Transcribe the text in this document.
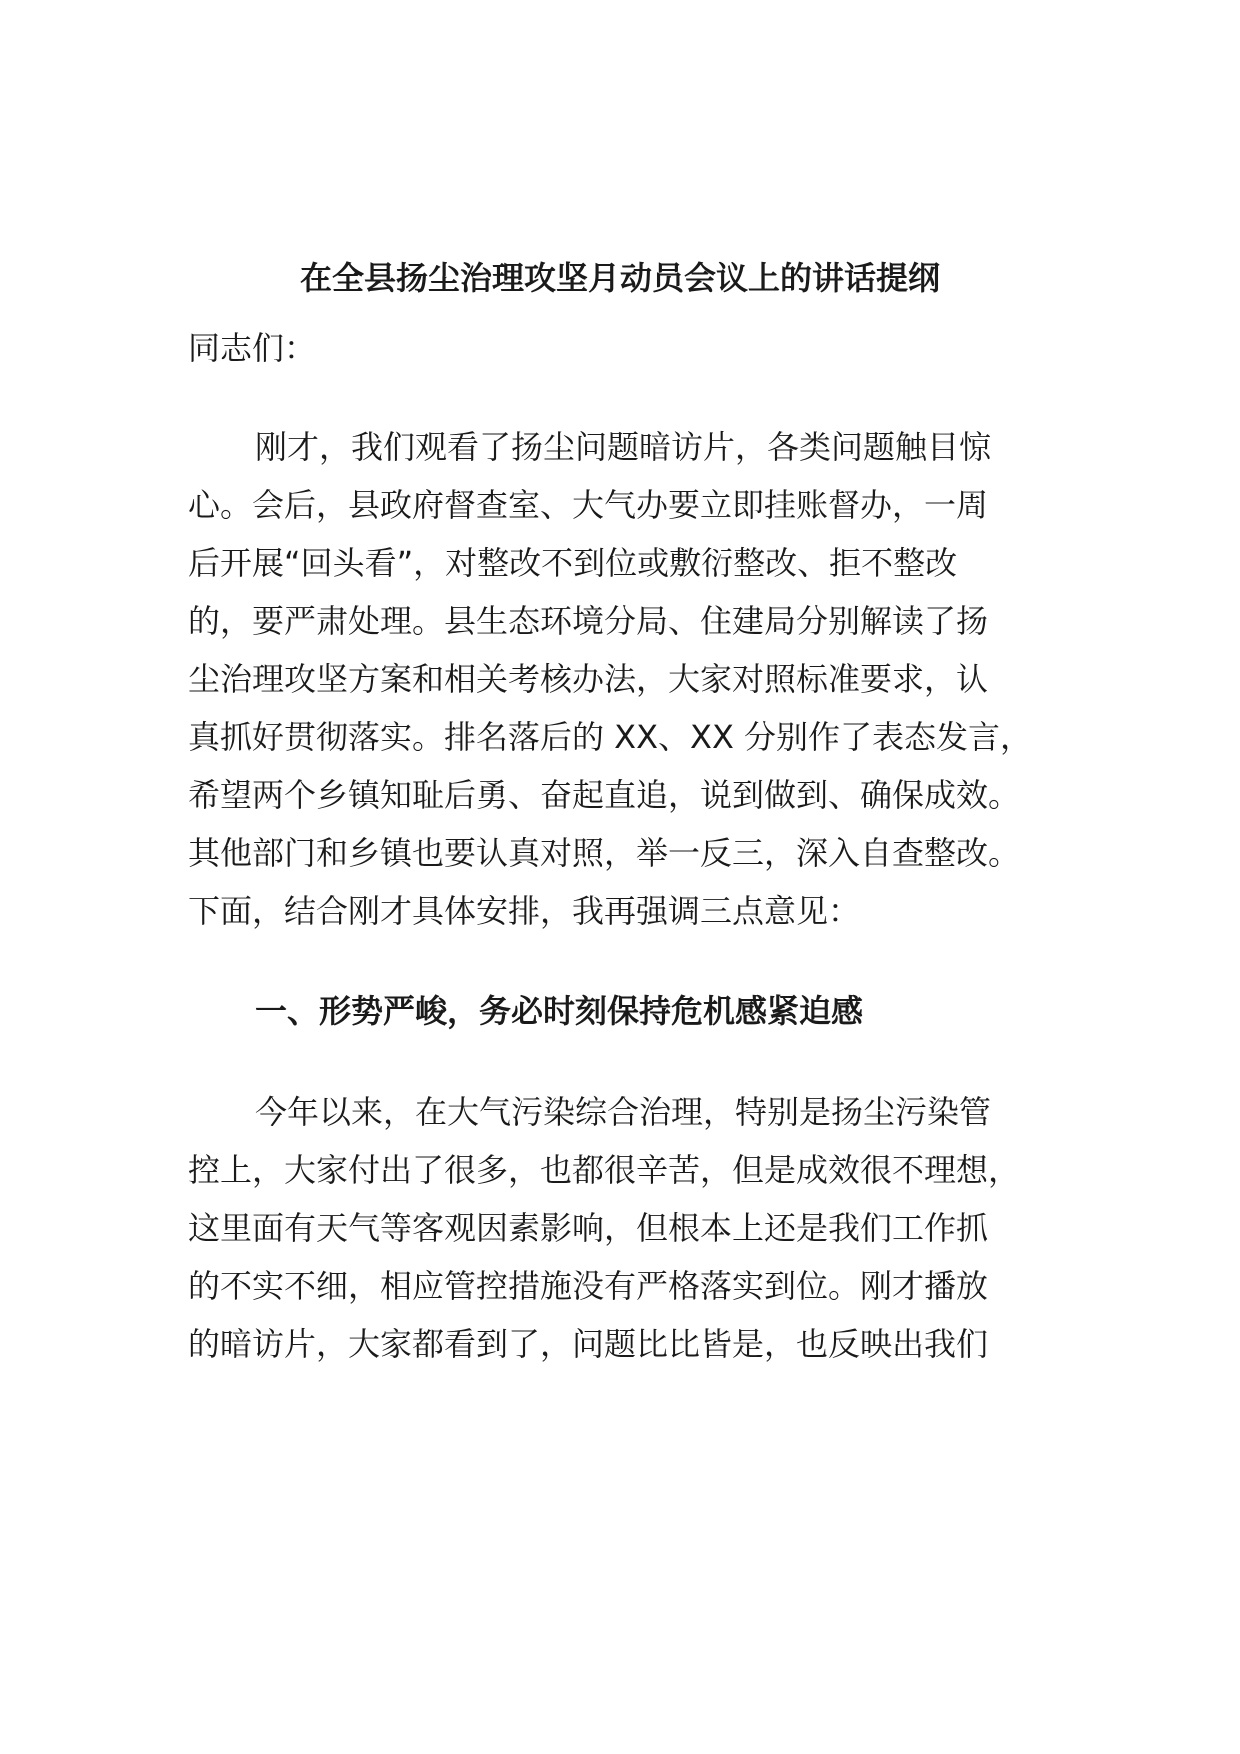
在全县扬尘治理攻坚月动员会议上的讲话提纲
同志们：
刚才，我们观看了扬尘问题暗访片，各类问题触目惊
心。会后，县政府督查室、大气办要立即挂账督办，一周
后开展“回头看”，对整改不到位或敷衍整改、拒不整改
的，要严肃处理。县生态环境分局、住建局分别解读了扬
尘治理攻坚方案和相关考核办法，大家对照标准要求，认
真抓好贯彻落实。排名落后的 XX、XX 分别作了表态发言，
希望两个乡镇知耻后勇、奋起直追，说到做到、确保成效。
其他部门和乡镇也要认真对照，举一反三，深入自查整改。
下面，结合刚才具体安排，我再强调三点意见：
一、形势严峻，务必时刻保持危机感紧迫感
今年以来，在大气污染综合治理，特别是扬尘污染管
控上，大家付出了很多，也都很辛苦，但是成效很不理想，
这里面有天气等客观因素影响，但根本上还是我们工作抓
的不实不细，相应管控措施没有严格落实到位。刚才播放
的暗访片，大家都看到了，问题比比皆是，也反映出我们
